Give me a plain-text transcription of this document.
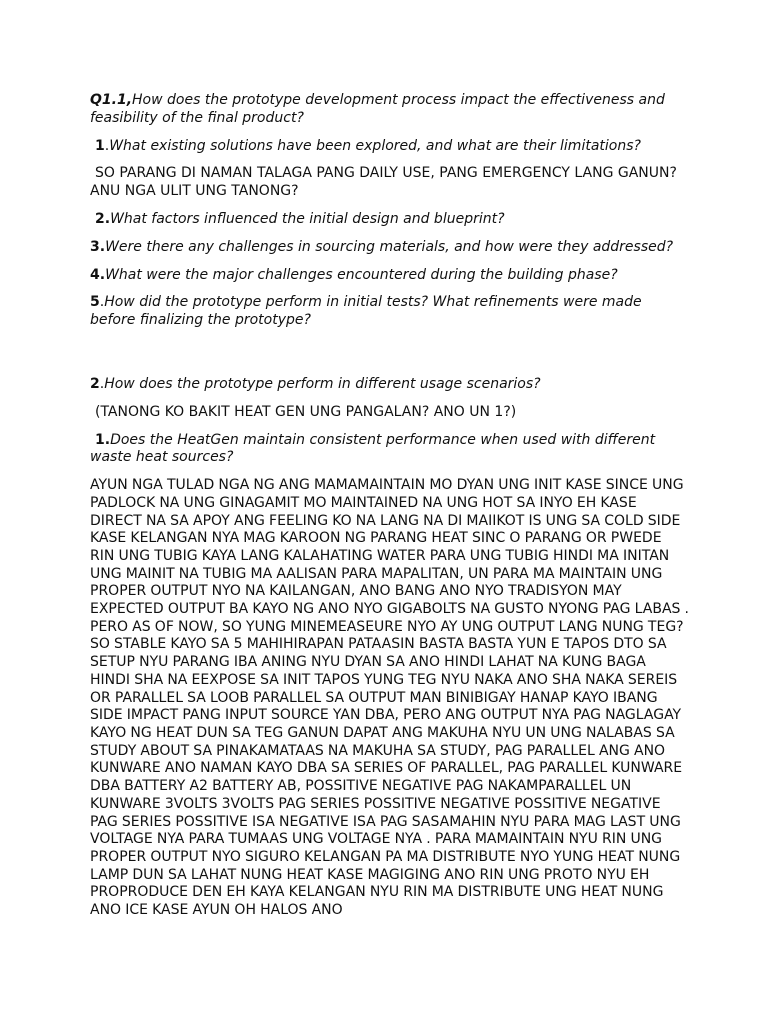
Q1.1,How does the prototype development process impact the effectiveness and feasibility of the final product?

1.What existing solutions have been explored, and what are their limitations?

SO PARANG DI NAMAN TALAGA PANG DAILY USE, PANG EMERGENCY LANG GANUN? ANU NGA ULIT UNG TANONG?

2.What factors influenced the initial design and blueprint?

3.Were there any challenges in sourcing materials, and how were they addressed?

4.What were the major challenges encountered during the building phase?

5.How did the prototype perform in initial tests? What refinements were made before finalizing the prototype?

2.How does the prototype perform in different usage scenarios?

(TANONG KO BAKIT HEAT GEN UNG PANGALAN? ANO UN 1?)

1.Does the HeatGen maintain consistent performance when used with different waste heat sources?

AYUN NGA TULAD NGA NG ANG MAMAMAINTAIN MO DYAN UNG INIT KASE SINCE UNG PADLOCK NA UNG GINAGAMIT MO MAINTAINED NA UNG HOT SA INYO EH KASE DIRECT NA SA APOY ANG FEELING KO NA LANG NA DI MAIIKOT IS UNG SA COLD SIDE KASE KELANGAN NYA MAG KAROON NG PARANG HEAT SINC O PARANG OR PWEDE RIN UNG TUBIG KAYA LANG KALAHATING WATER PARA UNG TUBIG HINDI MA INITAN UNG MAINIT NA TUBIG MA AALISAN PARA MAPALITAN, UN PARA MA MAINTAIN UNG PROPER OUTPUT NYO NA KAILANGAN, ANO BANG ANO NYO TRADISYON MAY EXPECTED OUTPUT BA KAYO NG ANO NYO GIGABOLTS NA GUSTO NYONG PAG LABAS . PERO AS OF NOW, SO YUNG MINEMEASEURE NYO AY UNG OUTPUT LANG NUNG TEG? SO STABLE KAYO SA 5 MAHIHIRAPAN PATAASIN BASTA BASTA YUN E TAPOS DTO SA SETUP NYU PARANG IBA ANING NYU DYAN SA ANO HINDI LAHAT NA KUNG BAGA HINDI SHA NA EEXPOSE SA INIT TAPOS YUNG TEG NYU NAKA ANO SHA NAKA SEREIS OR PARALLEL SA LOOB PARALLEL SA OUTPUT MAN BINIBIGAY HANAP KAYO IBANG SIDE IMPACT PANG INPUT SOURCE YAN DBA, PERO ANG OUTPUT NYA PAG NAGLAGAY KAYO NG HEAT DUN SA TEG GANUN DAPAT ANG MAKUHA NYU UN UNG NALABAS SA STUDY ABOUT SA PINAKAMATAAS NA MAKUHA SA STUDY, PAG PARALLEL ANG ANO KUNWARE ANO NAMAN KAYO DBA SA SERIES OF PARALLEL, PAG PARALLEL KUNWARE DBA BATTERY A2 BATTERY AB, POSSITIVE NEGATIVE PAG NAKAMPARALLEL UN KUNWARE 3VOLTS 3VOLTS PAG SERIES POSSITIVE NEGATIVE POSSITIVE NEGATIVE PAG SERIES POSSITIVE ISA NEGATIVE ISA PAG SASAMAHIN NYU PARA MAG LAST UNG VOLTAGE NYA PARA TUMAAS UNG VOLTAGE NYA . PARA MAMAINTAIN NYU RIN UNG PROPER OUTPUT NYO SIGURO KELANGAN PA MA DISTRIBUTE NYO YUNG HEAT NUNG LAMP DUN SA LAHAT NUNG HEAT KASE MAGIGING ANO RIN UNG PROTO NYU EH PROPRODUCE DEN EH KAYA KELANGAN NYU RIN MA DISTRIBUTE UNG HEAT NUNG ANO ICE KASE AYUN OH HALOS ANO
